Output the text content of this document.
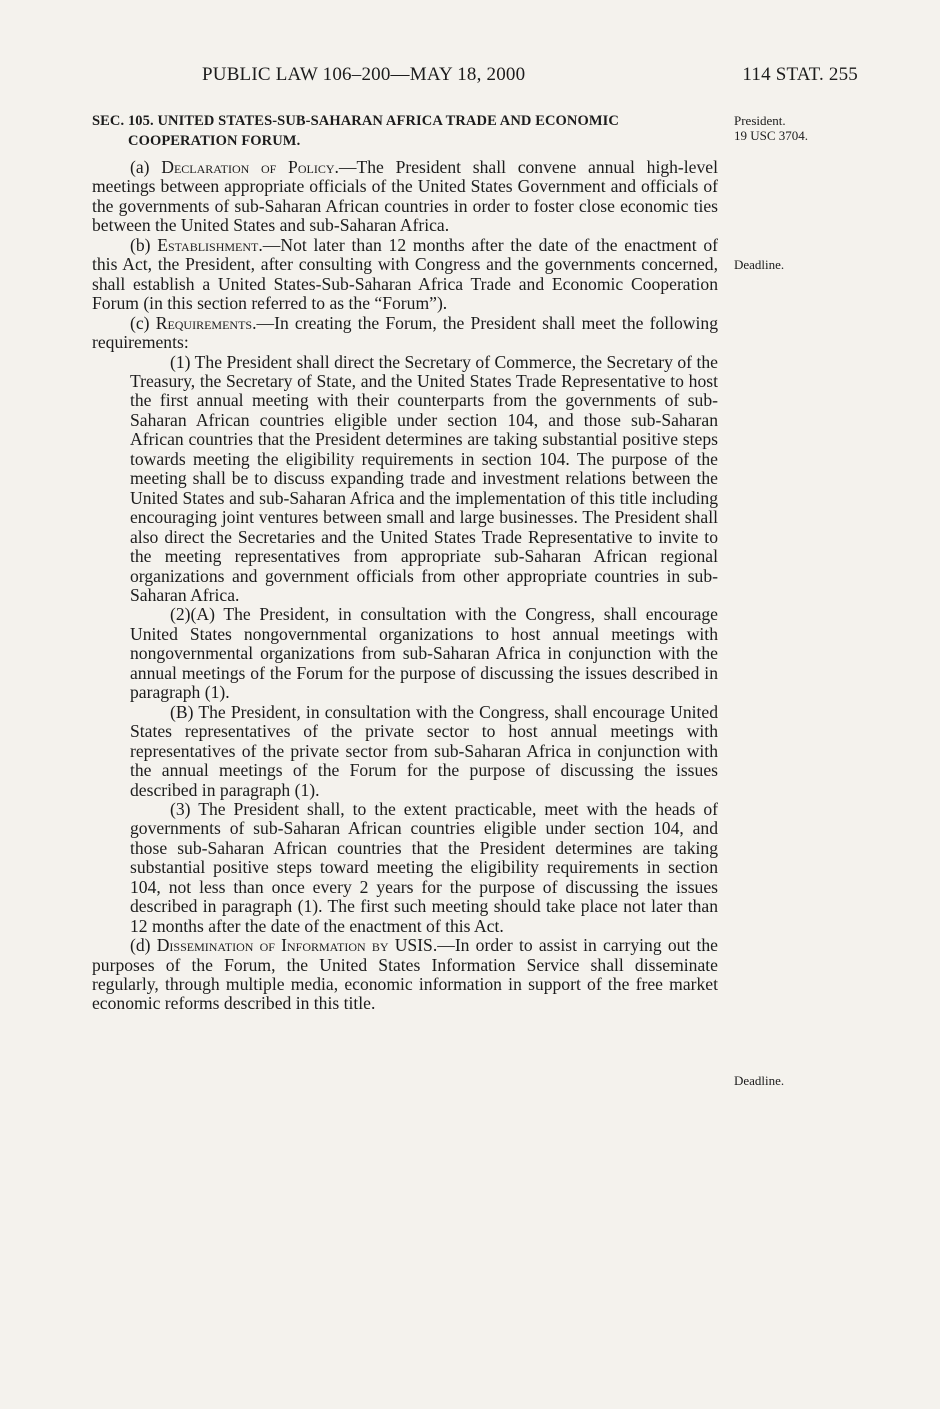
PUBLIC LAW 106–200—MAY 18, 2000	114 STAT. 255
President.
19 USC 3704.
Deadline.
Deadline.

SEC. 105. UNITED STATES-SUB-SAHARAN AFRICA TRADE AND ECONOMIC COOPERATION FORUM.

(a) Declaration of Policy.—The President shall convene annual high-level meetings between appropriate officials of the United States Government and officials of the governments of sub-Saharan African countries in order to foster close economic ties between the United States and sub-Saharan Africa.

(b) Establishment.—Not later than 12 months after the date of the enactment of this Act, the President, after consulting with Congress and the governments concerned, shall establish a United States-Sub-Saharan Africa Trade and Economic Cooperation Forum (in this section referred to as the “Forum”).

(c) Requirements.—In creating the Forum, the President shall meet the following requirements:

(1) The President shall direct the Secretary of Commerce, the Secretary of the Treasury, the Secretary of State, and the United States Trade Representative to host the first annual meeting with their counterparts from the governments of sub-Saharan African countries eligible under section 104, and those sub-Saharan African countries that the President determines are taking substantial positive steps towards meeting the eligibility requirements in section 104. The purpose of the meeting shall be to discuss expanding trade and investment relations between the United States and sub-Saharan Africa and the implementation of this title including encouraging joint ventures between small and large businesses. The President shall also direct the Secretaries and the United States Trade Representative to invite to the meeting representatives from appropriate sub-Saharan African regional organizations and government officials from other appropriate countries in sub-Saharan Africa.

(2)(A) The President, in consultation with the Congress, shall encourage United States nongovernmental organizations to host annual meetings with nongovernmental organizations from sub-Saharan Africa in conjunction with the annual meetings of the Forum for the purpose of discussing the issues described in paragraph (1).

(B) The President, in consultation with the Congress, shall encourage United States representatives of the private sector to host annual meetings with representatives of the private sector from sub-Saharan Africa in conjunction with the annual meetings of the Forum for the purpose of discussing the issues described in paragraph (1).

(3) The President shall, to the extent practicable, meet with the heads of governments of sub-Saharan African countries eligible under section 104, and those sub-Saharan African countries that the President determines are taking substantial positive steps toward meeting the eligibility requirements in section 104, not less than once every 2 years for the purpose of discussing the issues described in paragraph (1). The first such meeting should take place not later than 12 months after the date of the enactment of this Act.

(d) Dissemination of Information by USIS.—In order to assist in carrying out the purposes of the Forum, the United States Information Service shall disseminate regularly, through multiple media, economic information in support of the free market economic reforms described in this title.
